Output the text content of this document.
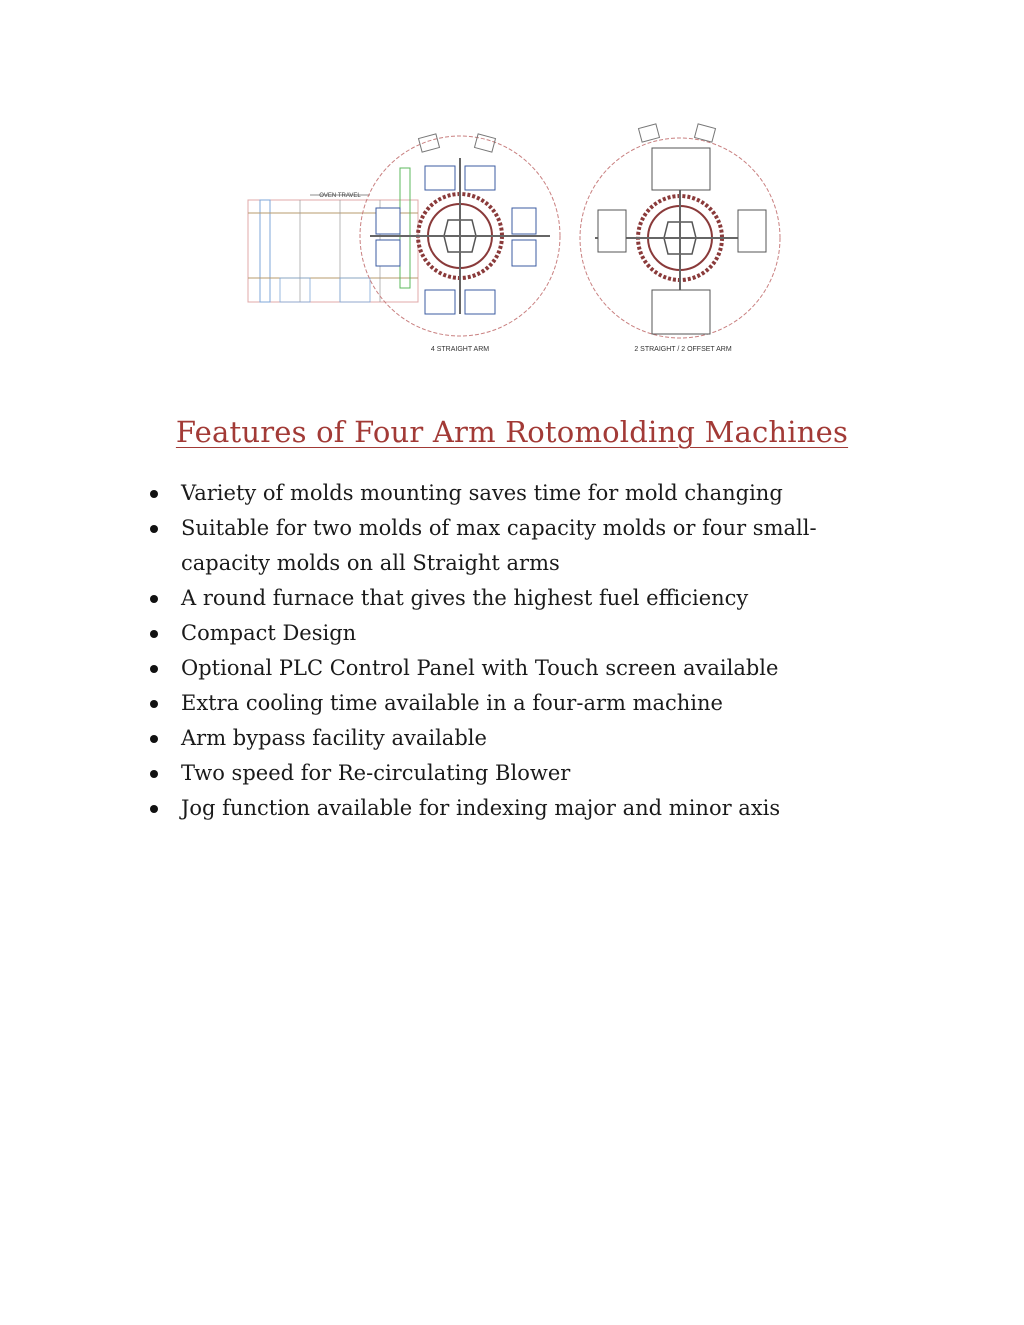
OVEN TRAVEL
4 STRAIGHT ARM	2 STRAIGHT / 2 OFFSET ARM
Features of Four Arm Rotomolding Machines
Variety of molds mounting saves time for mold changing
Suitable for two molds of max capacity molds or four small-
capacity molds on all Straight arms
A round furnace that gives the highest fuel efficiency
Compact Design
Optional PLC Control Panel with Touch screen available
Extra cooling time available in a four-arm machine
Arm bypass facility available
Two speed for Re-circulating Blower
Jog function available for indexing major and minor axis
